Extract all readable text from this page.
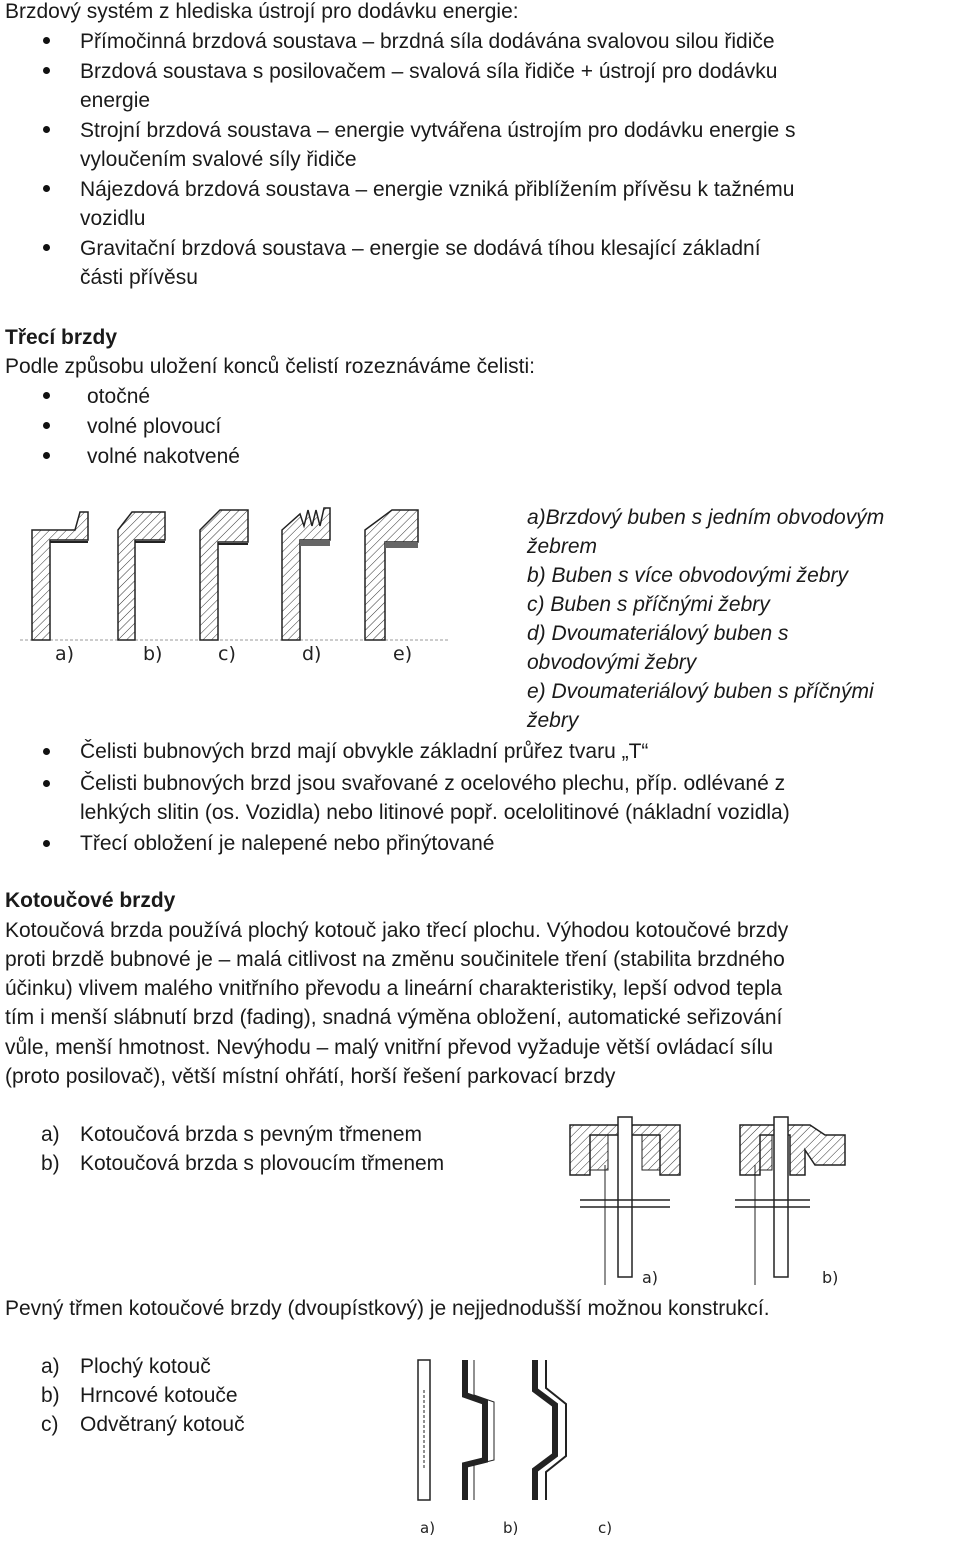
Brzdový systém z hlediska ústrojí pro dodávku energie:
Přímočinná brzdová soustava – brzdná síla dodávána svalovou silou řidiče
Brzdová soustava s posilovačem – svalová síla řidiče + ústrojí pro dodávku
energie
Strojní brzdová soustava – energie vytvářena ústrojím pro dodávku energie s
vyloučením svalové síly řidiče
Nájezdová brzdová soustava – energie vzniká přiblížením přívěsu k tažnému
vozidlu
Gravitační brzdová soustava – energie se dodává tíhou klesající základní
části přívěsu
Třecí brzdy
Podle způsobu uložení konců čelistí rozeznáváme čelisti:
otočné
volné plovoucí
volné nakotvené
a)	b)	c)	d)	e)
a)Brzdový buben s jedním obvodovým
žebrem
b) Buben s více obvodovými žebry
c) Buben s příčnými žebry
d) Dvoumateriálový buben s
obvodovými žebry
e) Dvoumateriálový buben s příčnými
žebry
Čelisti bubnových brzd mají obvykle základní průřez tvaru „T“
Čelisti bubnových brzd jsou svařované z ocelového plechu, příp. odlévané z
lehkých slitin (os. Vozidla) nebo litinové popř. ocelolitinové (nákladní vozidla)
Třecí obložení je nalepené nebo přinýtované
Kotoučové brzdy
Kotoučová brzda používá plochý kotouč jako třecí plochu. Výhodou kotoučové brzdy
proti brzdě bubnové je – malá citlivost na změnu součinitele tření (stabilita brzdného
účinku) vlivem malého vnitřního převodu a lineární charakteristiky, lepší odvod tepla
tím i menší slábnutí brzd (fading), snadná výměna obložení, automatické seřizování
vůle, menší hmotnost. Nevýhodu – malý vnitřní převod vyžaduje větší ovládací sílu
(proto posilovač), větší místní ohřátí, horší řešení parkovací brzdy
a) Kotoučová brzda s pevným třmenem
b) Kotoučová brzda s plovoucím třmenem
a)	b)
Pevný třmen kotoučové brzdy (dvoupístkový) je nejjednodušší možnou konstrukcí.
a) Plochý kotouč
b) Hrncové kotouče
c) Odvětraný kotouč
a)	b)	c)
